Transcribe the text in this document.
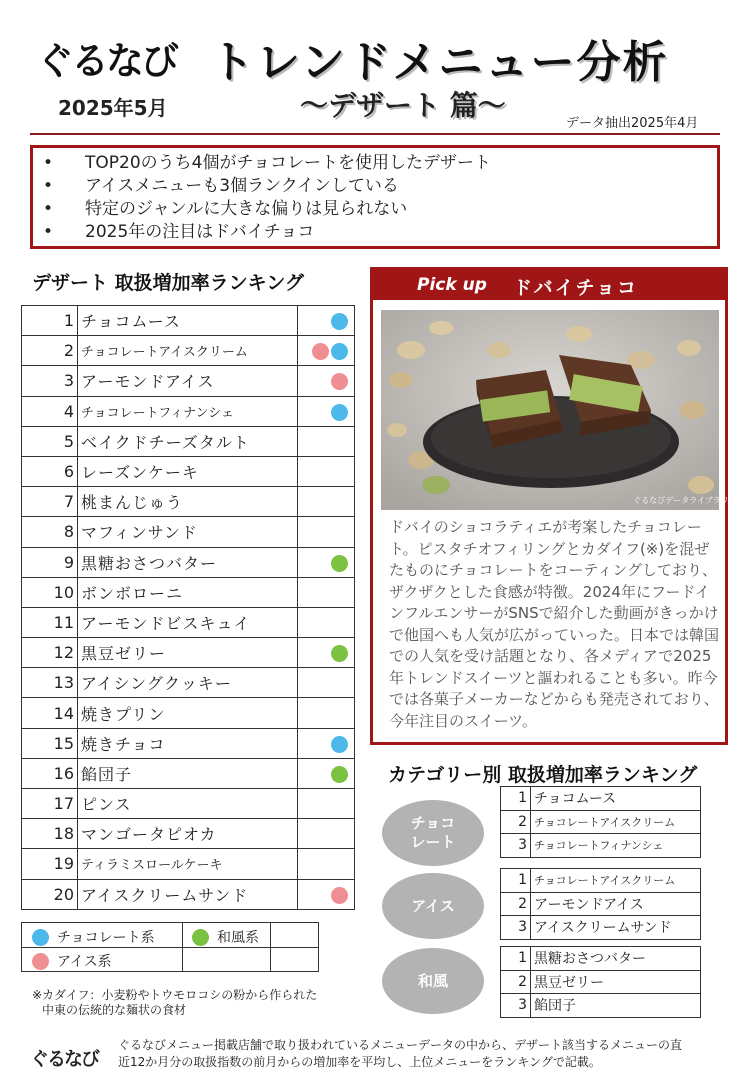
ぐるなび トレンドメニュー分析
2025年5月	～デザート 篇～
データ抽出2025年4月
•	TOP20のうち4個がチョコレートを使用したデザート
•	アイスメニューも3個ランクインしている
•	特定のジャンルに大きな偏りは見られない
•	2025年の注目はドバイチョコ
デザート 取扱増加率ランキング
1	チョコムース	
2	チョコレートアイスクリーム	
3	アーモンドアイス	
4	チョコレートフィナンシェ	
5	ベイクドチーズタルト	
6	レーズンケーキ	
7	桃まんじゅう	
8	マフィンサンド	
9	黒糖おさつバター	
10	ボンボローニ	
11	アーモンドビスキュイ	
12	黒豆ゼリー	
13	アイシングクッキー	
14	焼きプリン	
15	焼きチョコ	
16	餡団子	
17	ピンス	
18	マンゴータピオカ	
19	ティラミスロールケーキ	
20	アイスクリームサンド	
チョコレート系	和風系
アイス系
※カダイフ：小麦粉やトウモロコシの粉から作られた
中東の伝統的な麺状の食材
ぐるなび
ぐるなびメニュー掲載店舗で取り扱われているメニューデータの中から、デザート該当するメニューの直
近12か月分の取扱指数の前月からの増加率を平均し、上位メニューをランキングで記載。
Pick up ドバイチョコ
ぐるなびデータライブラリ
ドバイのショコラティエが考案したチョコレート。ピスタチオフィリングとカダイフ(※)を混ぜたものにチョコレートをコーティングしており、ザクザクとした食感が特徴。2024年にフードインフルエンサーがSNSで紹介した動画がきっかけで他国へも人気が広がっていった。日本では韓国での人気を受け話題となり、各メディアで2025年トレンドスイーツと謳われることも多い。昨今では各菓子メーカーなどからも発売されており、今年注目のスイーツ。
カテゴリー別 取扱増加率ランキング
チョコ
レート
1	チョコムース
2	チョコレートアイスクリーム
3	チョコレートフィナンシェ
アイス
1	チョコレートアイスクリーム
2	アーモンドアイス
3	アイスクリームサンド
和風
1	黒糖おさつバター
2	黒豆ゼリー
3	餡団子
